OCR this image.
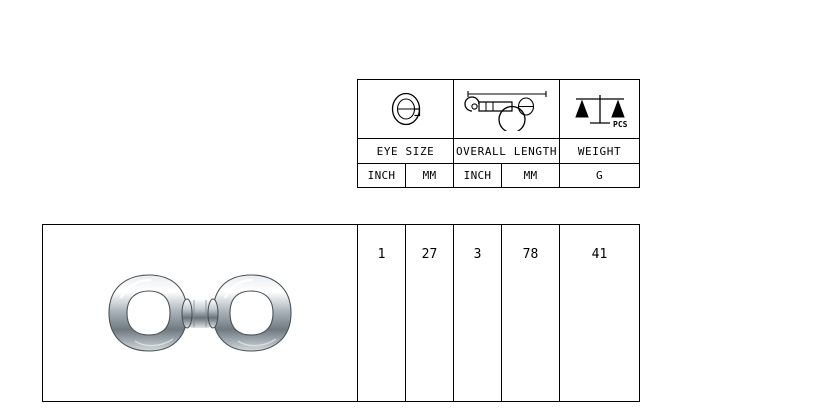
PCS

EYE SIZE		OVERALL LENGTH		WEIGHT
INCH	MM	INCH	MM	G
	1	27	3	78	41
